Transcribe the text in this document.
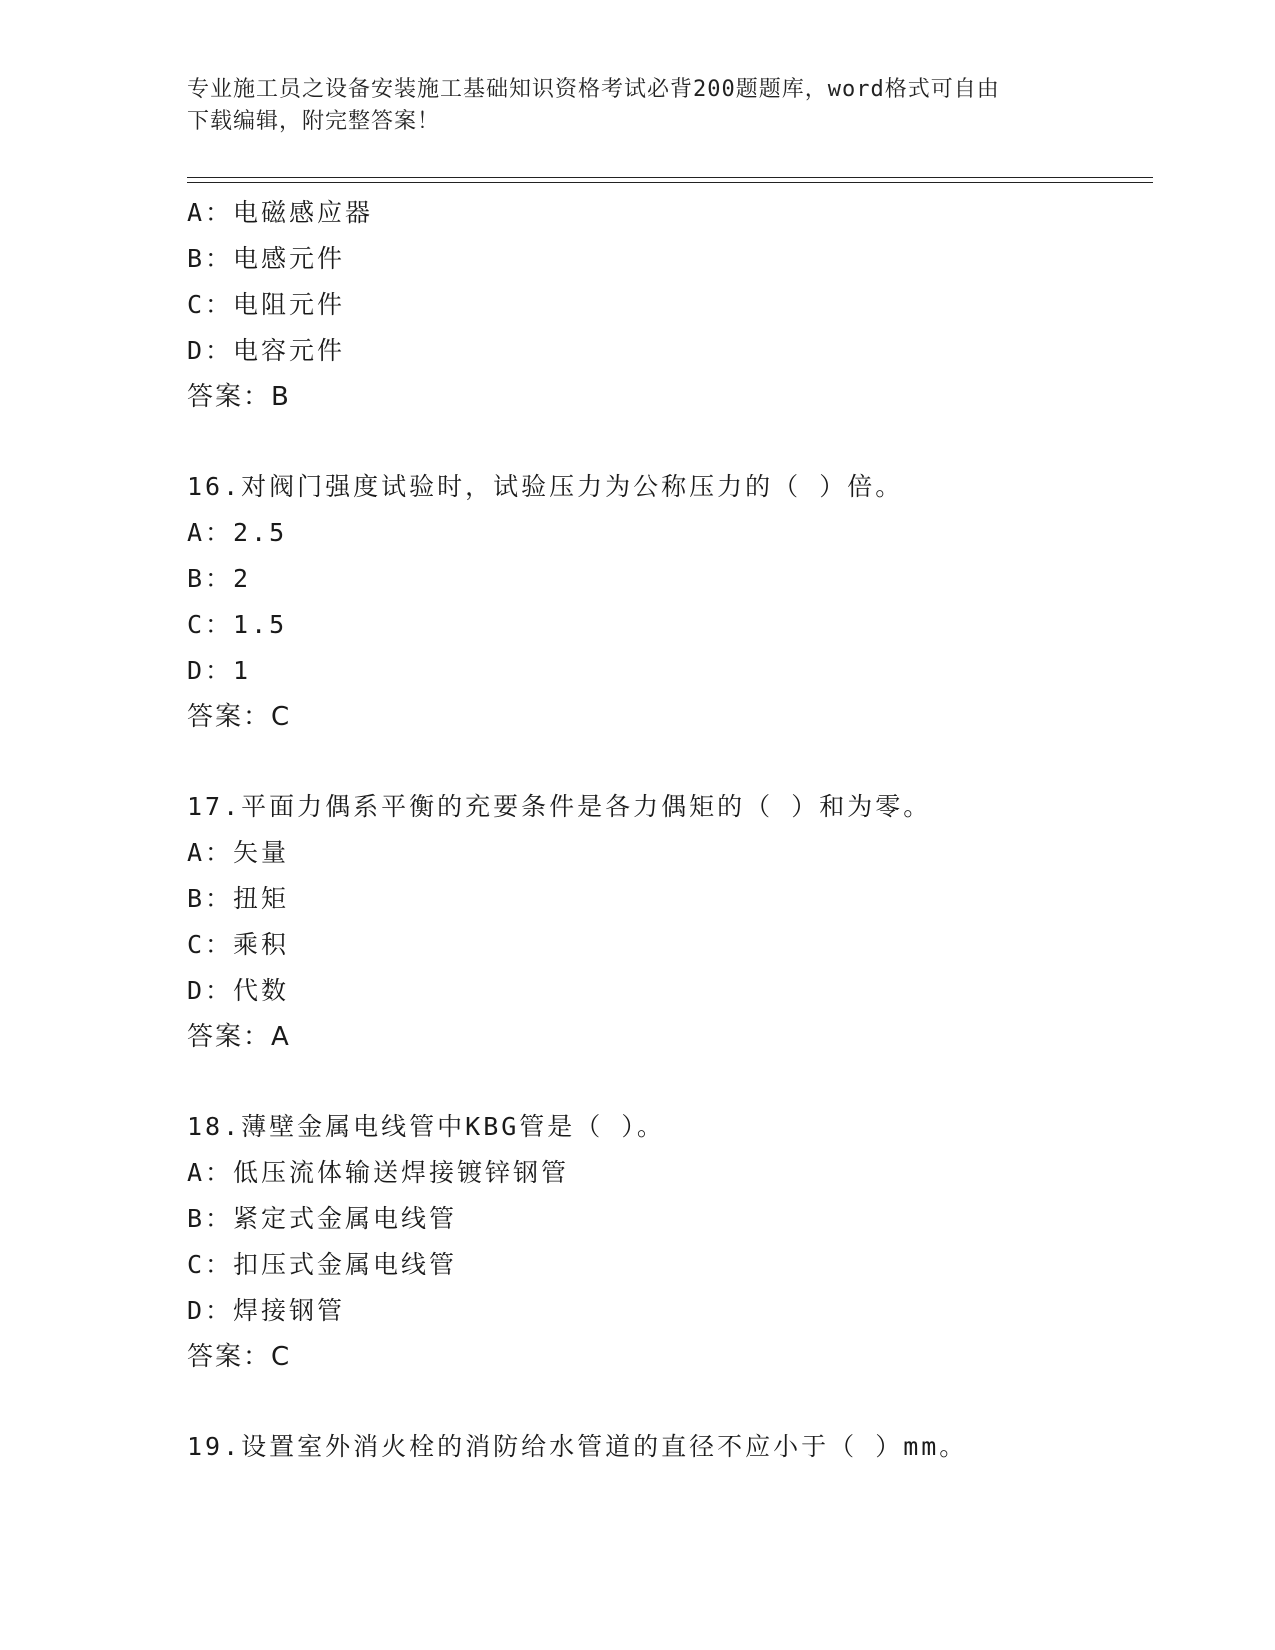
专业施工员之设备安装施工基础知识资格考试必背200题题库，word格式可自由
下载编辑，附完整答案！
A：电磁感应器
B：电感元件
C：电阻元件
D：电容元件
答案：B
16.对阀门强度试验时，试验压力为公称压力的（ ）倍。
A：2.5
B：2
C：1.5
D：1
答案：C
17.平面力偶系平衡的充要条件是各力偶矩的（ ）和为零。
A：矢量
B：扭矩
C：乘积
D：代数
答案：A
18.薄壁金属电线管中KBG管是（ ）。
A：低压流体输送焊接镀锌钢管
B：紧定式金属电线管
C：扣压式金属电线管
D：焊接钢管
答案：C
19.设置室外消火栓的消防给水管道的直径不应小于（ ）mm。
